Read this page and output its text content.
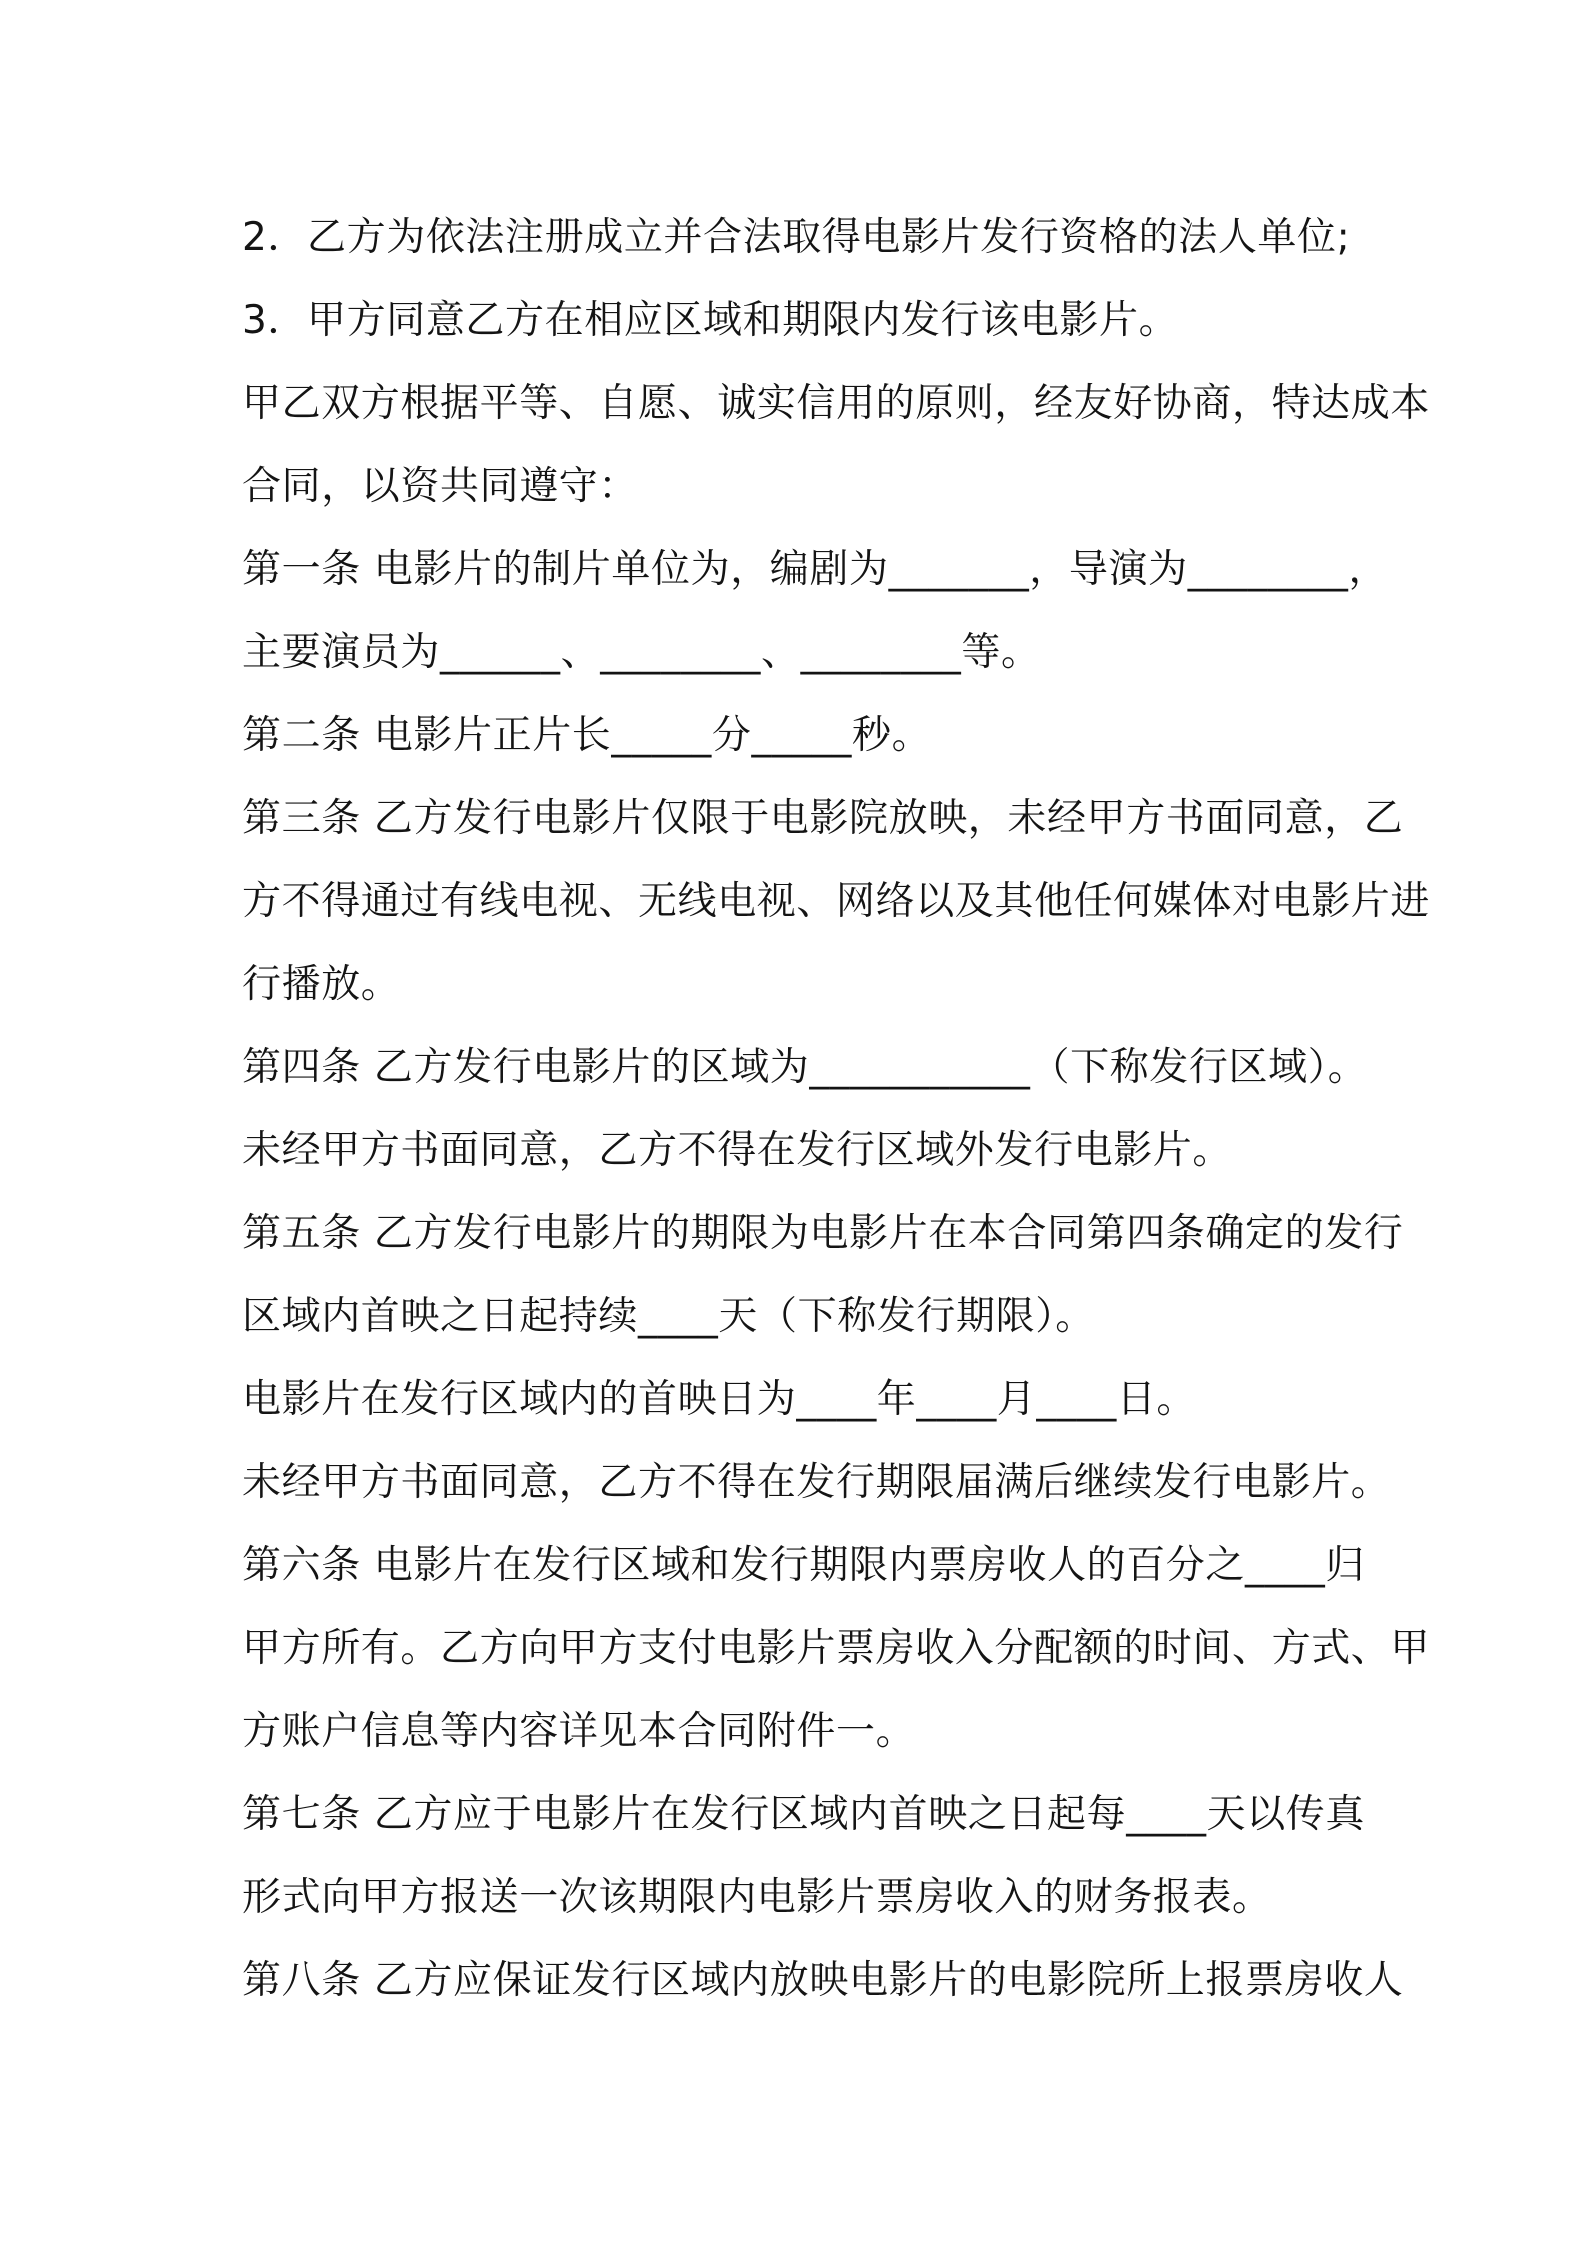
2．乙方为依法注册成立并合法取得电影片发行资格的法人单位;
3．甲方同意乙方在相应区域和期限内发行该电影片。
甲乙双方根据平等、自愿、诚实信用的原则，经友好协商，特达成本
合同，以资共同遵守：
第一条 电影片的制片单位为，编剧为_______，导演为________，
主要演员为______、________、________等。
第二条 电影片正片长_____分_____秒。
第三条 乙方发行电影片仅限于电影院放映，未经甲方书面同意，乙
方不得通过有线电视、无线电视、网络以及其他任何媒体对电影片进
行播放。
第四条 乙方发行电影片的区域为___________（下称发行区域）。
未经甲方书面同意，乙方不得在发行区域外发行电影片。
第五条 乙方发行电影片的期限为电影片在本合同第四条确定的发行
区域内首映之日起持续____天（下称发行期限）。
电影片在发行区域内的首映日为____年____月____日。
未经甲方书面同意，乙方不得在发行期限届满后继续发行电影片。
第六条 电影片在发行区域和发行期限内票房收人的百分之____归
甲方所有。乙方向甲方支付电影片票房收入分配额的时间、方式、甲
方账户信息等内容详见本合同附件一。
第七条 乙方应于电影片在发行区域内首映之日起每____天以传真
形式向甲方报送一次该期限内电影片票房收入的财务报表。
第八条 乙方应保证发行区域内放映电影片的电影院所上报票房收人
